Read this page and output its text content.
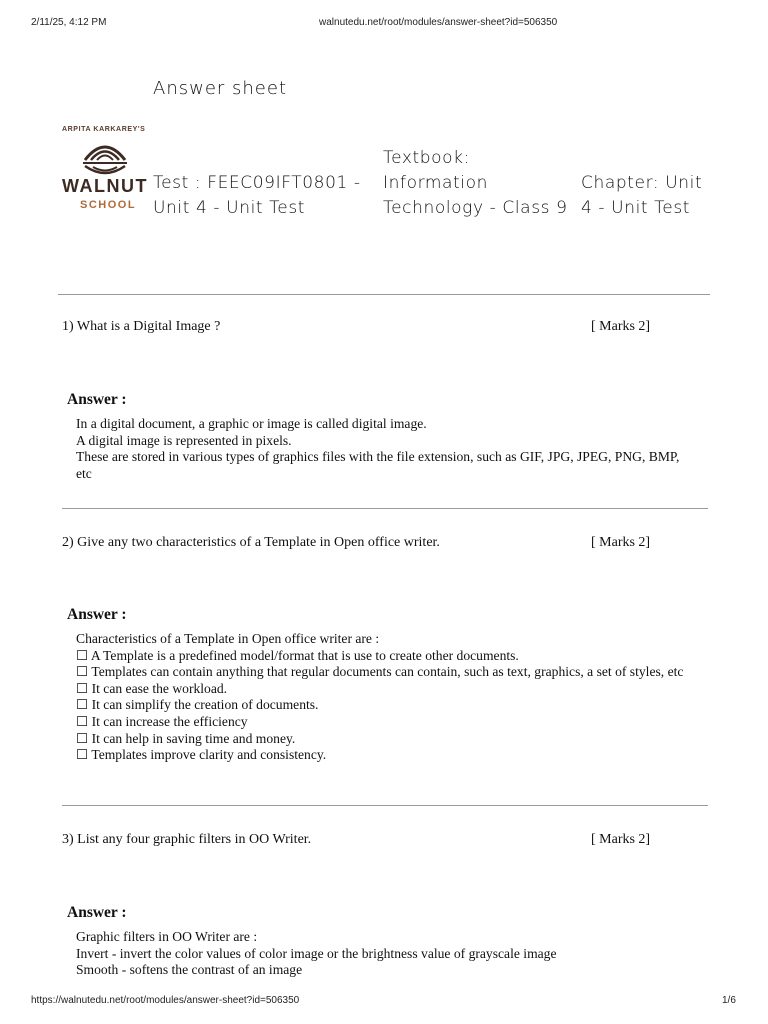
2/11/25, 4:12 PM	walnutedu.net/root/modules/answer-sheet?id=506350
Answer sheet
ARPITA KARKAREY'S
WALNUT
SCHOOL
Test : FEEC09IFT0801 - Unit 4 - Unit Test
Textbook: Information Technology - Class 9
Chapter: Unit 4 - Unit Test
1) What is a Digital Image ?	[ Marks 2]
Answer :
In a digital document, a graphic or image is called digital image.
A digital image is represented in pixels.
These are stored in various types of graphics files with the file extension, such as GIF, JPG, JPEG, PNG, BMP, etc
2) Give any two characteristics of a Template in Open office writer.	[ Marks 2]
Answer :
Characteristics of a Template in Open office writer are :
☐ A Template is a predefined model/format that is use to create other documents.
☐ Templates can contain anything that regular documents can contain, such as text, graphics, a set of styles, etc
☐ It can ease the workload.
☐ It can simplify the creation of documents.
☐ It can increase the efficiency
☐ It can help in saving time and money.
☐ Templates improve clarity and consistency.
3) List any four graphic filters in OO Writer.	[ Marks 2]
Answer :
Graphic filters in OO Writer are :
Invert - invert the color values of color image or the brightness value of grayscale image
Smooth - softens the contrast of an image
https://walnutedu.net/root/modules/answer-sheet?id=506350	1/6
